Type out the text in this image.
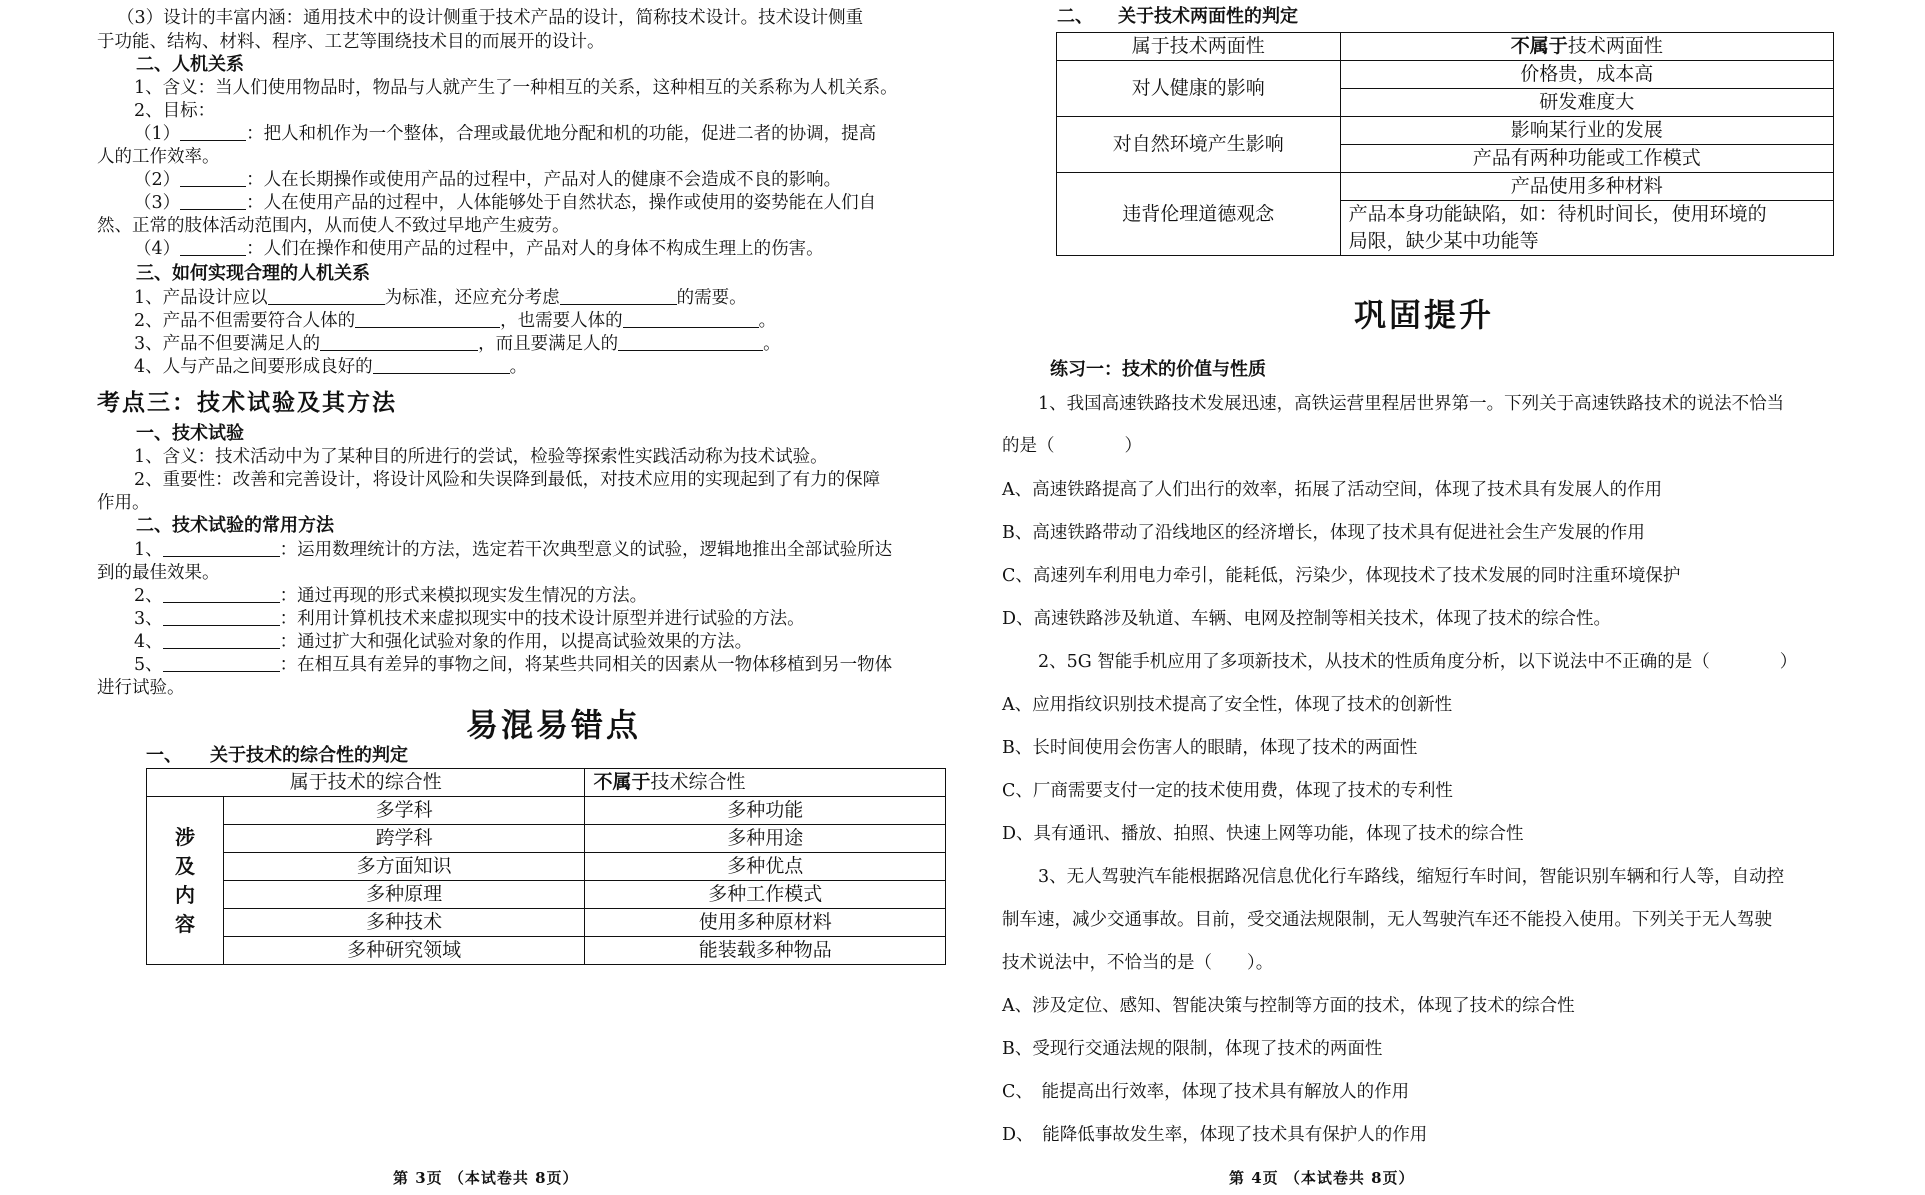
（3）设计的丰富内涵：通用技术中的设计侧重于技术产品的设计，简称技术设计。技术设计侧重
于功能、结构、材料、程序、工艺等围绕技术目的而展开的设计。
二、人机关系
1、含义：当人们使用物品时，物品与人就产生了一种相互的关系，这种相互的关系称为人机关系。
2、目标：
（1）	：把人和机作为一个整体，合理或最优地分配和机的功能，促进二者的协调，提高
人的工作效率。
（2）	：人在长期操作或使用产品的过程中，产品对人的健康不会造成不良的影响。
（3）	：人在使用产品的过程中，人体能够处于自然状态，操作或使用的姿势能在人们自
然、正常的肢体活动范围内，从而使人不致过早地产生疲劳。
（4）	：人们在操作和使用产品的过程中，产品对人的身体不构成生理上的伤害。
三、如何实现合理的人机关系
1、产品设计应以	为标准，还应充分考虑	的需要。
2、产品不但需要符合人体的	，也需要人体的	。
3、产品不但要满足人的	，而且要满足人的	。
4、人与产品之间要形成良好的	。
考点三：技术试验及其方法
一、技术试验
1、含义：技术活动中为了某种目的所进行的尝试，检验等探索性实践活动称为技术试验。
2、重要性：改善和完善设计，将设计风险和失误降到最低，对技术应用的实现起到了有力的保障
作用。
二、技术试验的常用方法
1、	：运用数理统计的方法，选定若干次典型意义的试验，逻辑地推出全部试验所达
到的最佳效果。
2、	：通过再现的形式来模拟现实发生情况的方法。
3、	：利用计算机技术来虚拟现实中的技术设计原型并进行试验的方法。
4、	：通过扩大和强化试验对象的作用，以提高试验效果的方法。
5、	：在相互具有差异的事物之间，将某些共同相关的因素从一物体移植到另一物体
进行试验。
易混易错点
一、 关于技术的综合性的判定
属于技术的综合性		不属于技术综合性

涉
及
内
容	多学科	多种功能
	跨学科	多种用途
	多方面知识	多种优点
	多种原理	多种工作模式
	多种技术	使用多种原材料
	多种研究领域	能装载多种物品
第 3页 （本试卷共 8页）
二、 关于技术两面性的判定
属于技术两面性	不属于技术两面性
对人健康的影响	价格贵，成本高
	研发难度大
对自然环境产生影响	影响某行业的发展
	产品有两种功能或工作模式
违背伦理道德观念	产品使用多种材料

	产品本身功能缺陷，如：待机时间长，使用环境的
局限，缺少某中功能等
巩固提升
练习一：技术的价值与性质
1、我国高速铁路技术发展迅速，高铁运营里程居世界第一。下列关于高速铁路技术的说法不恰当
的是（　　　　）
A、高速铁路提高了人们出行的效率，拓展了活动空间，体现了技术具有发展人的作用
B、高速铁路带动了沿线地区的经济增长，体现了技术具有促进社会生产发展的作用
C、高速列车利用电力牵引，能耗低，污染少，体现技术了技术发展的同时注重环境保护
D、高速铁路涉及轨道、车辆、电网及控制等相关技术，体现了技术的综合性。
2、5G 智能手机应用了多项新技术，从技术的性质角度分析，以下说法中不正确的是（　　　　）
A、应用指纹识别技术提高了安全性，体现了技术的创新性
B、长时间使用会伤害人的眼睛，体现了技术的两面性
C、厂商需要支付一定的技术使用费，体现了技术的专利性
D、具有通讯、播放、拍照、快速上网等功能，体现了技术的综合性
3、无人驾驶汽车能根据路况信息优化行车路线，缩短行车时间，智能识别车辆和行人等，自动控
制车速，减少交通事故。目前，受交通法规限制，无人驾驶汽车还不能投入使用。下列关于无人驾驶
技术说法中，不恰当的是（　　）。
A、涉及定位、感知、智能决策与控制等方面的技术，体现了技术的综合性
B、受现行交通法规的限制，体现了技术的两面性
C、　能提高出行效率，体现了技术具有解放人的作用
D、　能降低事故发生率，体现了技术具有保护人的作用
第 4页 （本试卷共 8页）
